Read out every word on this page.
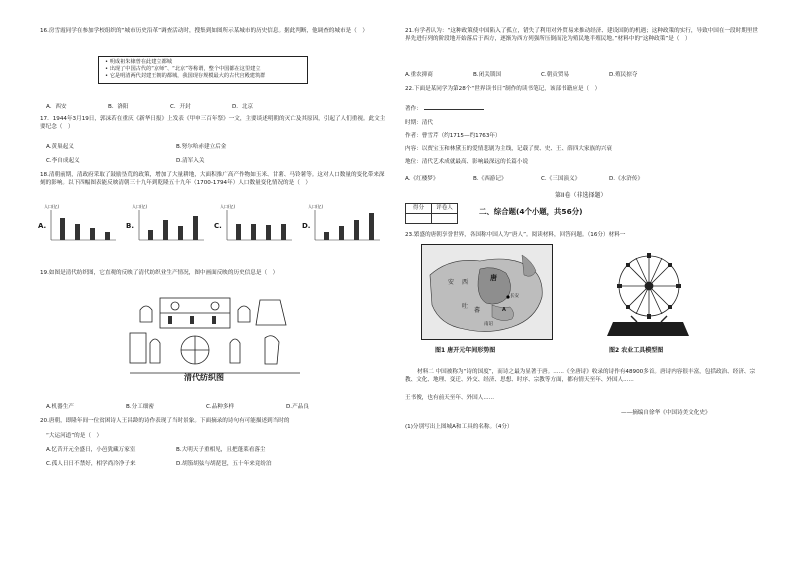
16.房雪霞同学在参加学校组织的“城市历史沿革”调查活动时，搜集到如图所示某城市的历史信息。据此判断，他调查的城市是（　）
• 明成祖朱棣曾在此建立都城
• 出现了中国古代的“京师”、“北京”等称谓，整个中国都在这里建立
• 它是明清两代封建王朝的都城，我国现存规模最大的古代宫殿建筑群
A．西安	B．洛阳	C．开封	D．北京
17．1944年3月19日，郭沫若在重庆《新华日报》上发表《甲申三百年祭》一文，主要谈述明朝的灭亡及其原因，引起了人们重视。此文主要纪念（　）
A.黄巢起义	B.努尔哈赤建立后金
C.李自成起义	D.清军入关
18.清朝前期，清政府采取了鼓励垦荒的政策，增加了大量耕地，大面积推广高产作物如玉米、甘薯、马铃薯等。这对人口数量的变化带来深刻的影响。以下四幅图表能反映清朝三十九年到乾隆五十九年（1700-1794年）人口数量变化情况的是（　）
A.
人口(亿)
B.
人口(亿)
C.
人口(亿)
D.
人口(亿)
19.如图是清代纺织图，它直观的反映了清代纺织业生产情况，图中画面反映的历史信息是（　）
清代纺织图
A.机器生产	B.分工细密	C.品种多样	D.产品良
20.唐朝，即隆年间一位贫困诗人王昌龄的诗作表现了当时景象。下面摘录的诗句有可能描述到当时的
“大运河道”的是（　）
A.忆昔开元全盛日，小邑犹藏万家室	B.大明天子重相见，且把蓬莱看落尘
C.孤人日日不禁好，相学尚冷净子来	D.胡笳胡弦与胡琵琶，五十年来竟纷泊
21.有学者认为：“这种政策使中国陷入了孤立，错失了利用对外贸易来推动经济、建设国防的机遇；这种政策的实行，导致中国在一段时期里世界先进行列的阶段地开始落后于西方，逐渐为西方列强所压倒而沦为殖民地半殖民地。”材料中的“这种政策”是（　）
A.重农抑商	B.闭关锁国	C.朝贡贸易	D.殖民掠夺
22.下面是某同学为第28个“世界读书日”制作的读书笔记，该部书籍应是（　）
著作：
时期：清代
作者：曹雪芹（约1715—约1763年）
内容：以贾宝玉和林黛玉的爱情悲剧为主线，记载了贾、史、王、薛四大家族的兴衰
地位：清代艺术成就最高、影响最深远的长篇小说
A.《红楼梦》	B.《西游记》	C.《三国演义》	D.《水浒传》
第II卷（非选择题）
得分	评卷人
		二、综合题(4个小题，共56分)
23.繁盛的唐朝享誉世界，各国称中国人为“唐人”。阅读材料，回答问题。（16分）材料一
安 西
唐
吐
蕃
长安
A
南诏
图1 唐开元年间形势图	图2 农业工具模型图
材料二 中国被称为“诗的国度”，而诗之最为显著于唐。......《全唐诗》收录的诗作有48900多首。唐诗内容很丰富，包括政治、经济、宗教、文化、地理、变迁、外交、经济、思想、时序、宗教等方面，都有情天至年、外国人......
王书俊，也有前天至年、外国人......
——摘编自徐华《中国诗美文化史》
(1)分别写出上图城A和工具的名称。（4分）
